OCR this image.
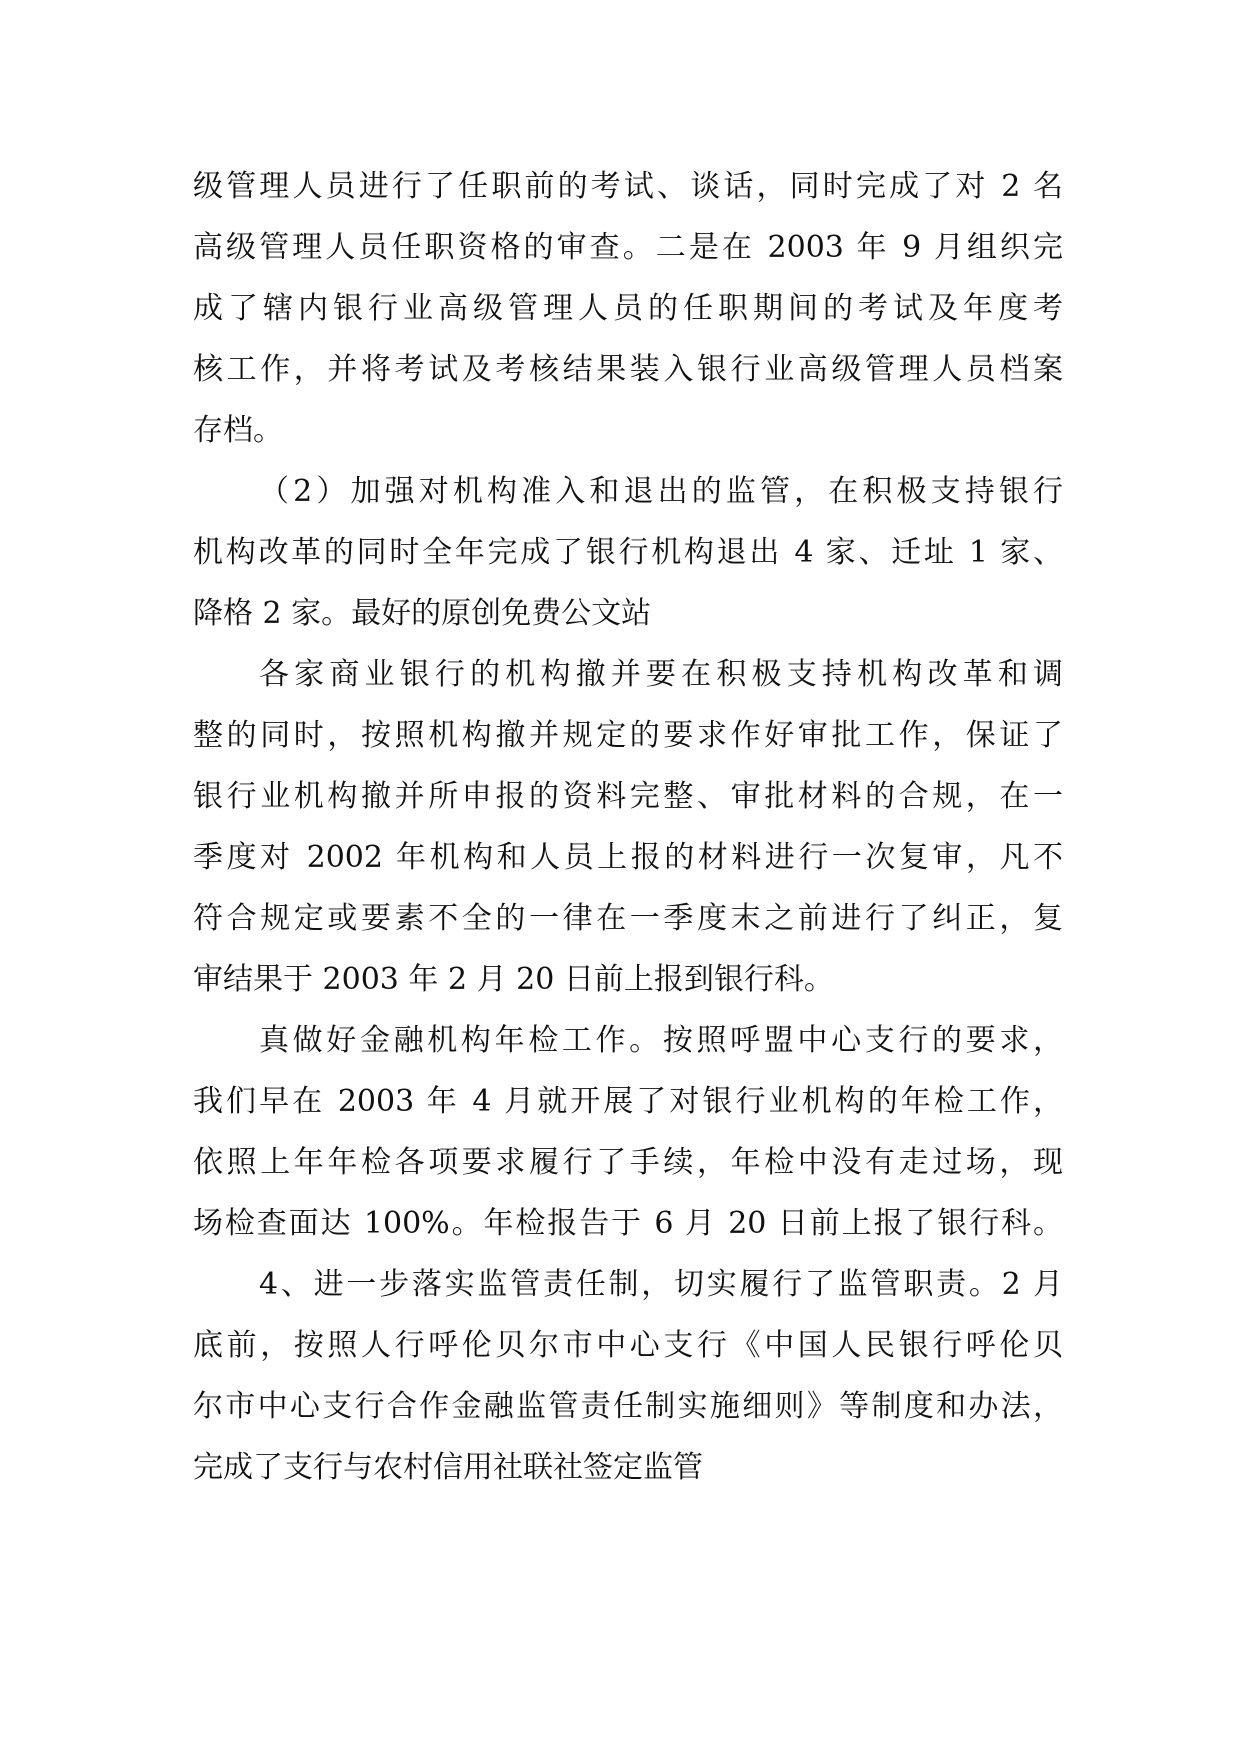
级管理人员进行了任职前的考试、谈话，同时完成了对 2 名
高级管理人员任职资格的审查。二是在 2003 年 9 月组织完
成了辖内银行业高级管理人员的任职期间的考试及年度考
核工作，并将考试及考核结果装入银行业高级管理人员档案
存档。
（2）加强对机构准入和退出的监管，在积极支持银行
机构改革的同时全年完成了银行机构退出 4 家、迁址 1 家、
降格 2 家。最好的原创免费公文站
各家商业银行的机构撤并要在积极支持机构改革和调
整的同时，按照机构撤并规定的要求作好审批工作，保证了
银行业机构撤并所申报的资料完整、审批材料的合规，在一
季度对 2002 年机构和人员上报的材料进行一次复审，凡不
符合规定或要素不全的一律在一季度末之前进行了纠正，复
审结果于 2003 年 2 月 20 日前上报到银行科。
真做好金融机构年检工作。按照呼盟中心支行的要求，
我们早在 2003 年 4 月就开展了对银行业机构的年检工作，
依照上年年检各项要求履行了手续，年检中没有走过场，现
场检查面达 100%。年检报告于 6 月 20 日前上报了银行科。
4、进一步落实监管责任制，切实履行了监管职责。2 月
底前，按照人行呼伦贝尔市中心支行《中国人民银行呼伦贝
尔市中心支行合作金融监管责任制实施细则》等制度和办法，
完成了支行与农村信用社联社签定监管
